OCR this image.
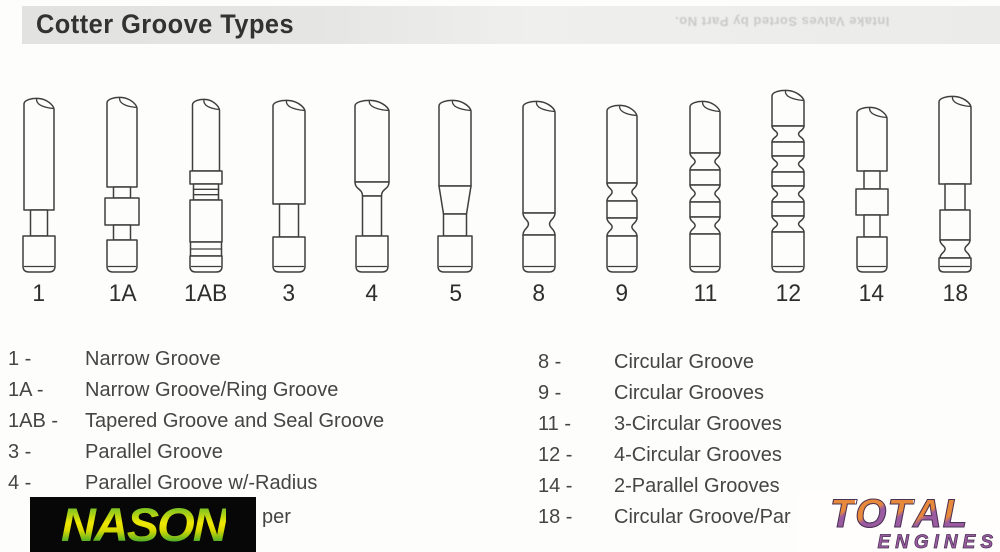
Cotter Groove Types	Intake Valves Sorted by Part No.
1	1A 1AB 3	4	5	8	9	11 12 14 18
1 -	Narrow Groove
1A -	Narrow Groove/Ring Groove
1AB -	Tapered Groove and Seal Groove
3 -	Parallel Groove
4 -	Parallel Groove w/-Radius
8 -	Circular Groove
9 -	Circular Grooves
11 -	3-Circular Grooves
12 -	4-Circular Grooves
14 -	2-Parallel Grooves
18 -	Circular Groove/Par
per
NASON	T O T A L
ENGINES
